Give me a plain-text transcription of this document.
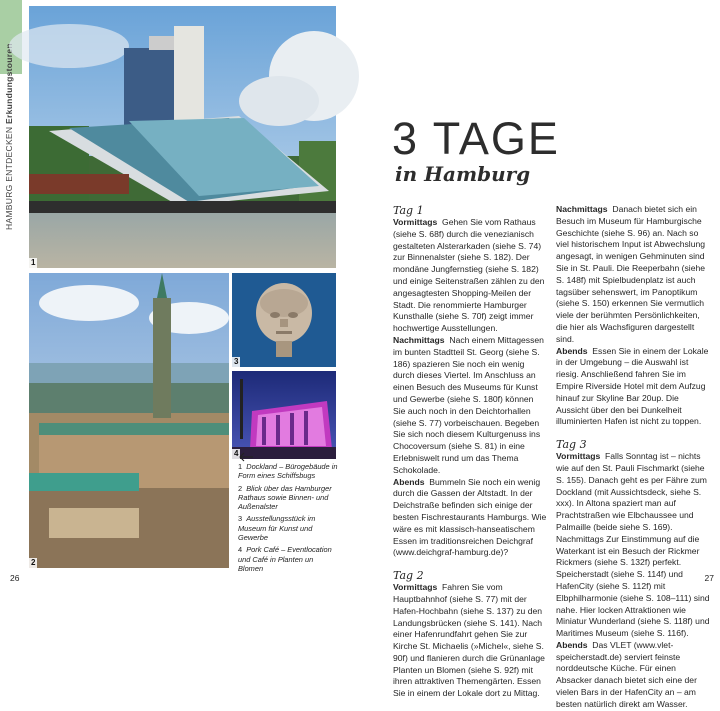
HAMBURG ENTDECKEN Erkundungstouren
1
2
3
4
1 Dockland – Bürogebäude in Form eines Schiffsbugs
2 Blick über das Hamburger Rathaus sowie Binnen- und Außenalster
3 Ausstellungsstück im Museum für Kunst und Gewerbe
4 Pork Café – Eventlocation und Café in Planten un Blomen
26	27
3 TAGE
in Hamburg

Tag 1

Vormittags Gehen Sie vom Rathaus (siehe S. 68f) durch die venezianisch gestalteten Alsterarkaden (siehe S. 74) zur Binnenalster (siehe S. 182). Der mondäne Jungfernstieg (siehe S. 182) und einige Seitenstraßen zählen zu den angesagtesten Shopping-Meilen der Stadt. Die renommierte Hamburger Kunsthalle (siehe S. 70f) zeigt immer hochwertige Ausstellungen.

Nachmittags Nach einem Mittagessen im bunten Stadtteil St. Georg (siehe S. 186) spazieren Sie noch ein wenig durch dieses Viertel. Im Anschluss an einen Besuch des Museums für Kunst und Gewerbe (siehe S. 180f) können Sie auch noch in den Deichtorhallen (siehe S. 77) vorbeischauen. Begeben Sie sich noch diesem Kulturgenuss ins Chocoversum (siehe S. 81) in eine Erlebniswelt rund um das Thema Schokolade.

Abends Bummeln Sie noch ein wenig durch die Gassen der Altstadt. In der Deichstraße befinden sich einige der besten Fischrestaurants Hamburgs. Wie wäre es mit klassisch-hanseatischem Essen im traditionsreichen Deichgraf (www.deichgraf-hamburg.de)?

Tag 2

Vormittags Fahren Sie vom Hauptbahnhof (siehe S. 77) mit der Hafen-Hochbahn (siehe S. 137) zu den Landungsbrücken (siehe S. 141). Nach einer Hafenrundfahrt gehen Sie zur Kirche St. Michaelis (»Michel«, siehe S. 90f) und flanieren durch die Grünanlage Planten un Blomen (siehe S. 92f) mit ihren attraktiven Themengärten. Essen Sie in einem der Lokale dort zu Mittag.

Nachmittags Danach bietet sich ein Besuch im Museum für Hamburgische Geschichte (siehe S. 96) an. Nach so viel historischem Input ist Abwechslung angesagt, in wenigen Gehminuten sind Sie in St. Pauli. Die Reeperbahn (siehe S. 148f) mit Spielbudenplatz ist auch tagsüber sehenswert, im Panoptikum (siehe S. 150) erkennen Sie vermutlich viele der berühmten Persönlichkeiten, die hier als Wachsfiguren dargestellt sind.

Abends Essen Sie in einem der Lokale in der Umgebung – die Auswahl ist riesig. Anschließend fahren Sie im Empire Riverside Hotel mit dem Aufzug hinauf zur Skyline Bar 20up. Die Aussicht über den bei Dunkelheit illuminierten Hafen ist nicht zu toppen.

Tag 3

Vormittags Falls Sonntag ist – nichts wie auf den St. Pauli Fischmarkt (siehe S. 155). Danach geht es per Fähre zum Dockland (mit Aussichtsdeck, siehe S. xxx). In Altona spaziert man auf Prachtstraßen wie Elbchaussee und Palmaille (beide siehe S. 169). Nachmittags Zur Einstimmung auf die Waterkant ist ein Besuch der Rickmer Rickmers (siehe S. 132f) perfekt. Speicherstadt (siehe S. 114f) und HafenCity (siehe S. 112f) mit Elbphilharmonie (siehe S. 108–111) sind nahe. Hier locken Attraktionen wie Miniatur Wunderland (siehe S. 118f) und Maritimes Museum (siehe S. 116f).

Abends Das VLET (www.vlet-speicherstadt.de) serviert feinste norddeutsche Küche. Für einen Absacker danach bietet sich eine der vielen Bars in der HafenCity an – am besten natürlich direkt am Wasser.
